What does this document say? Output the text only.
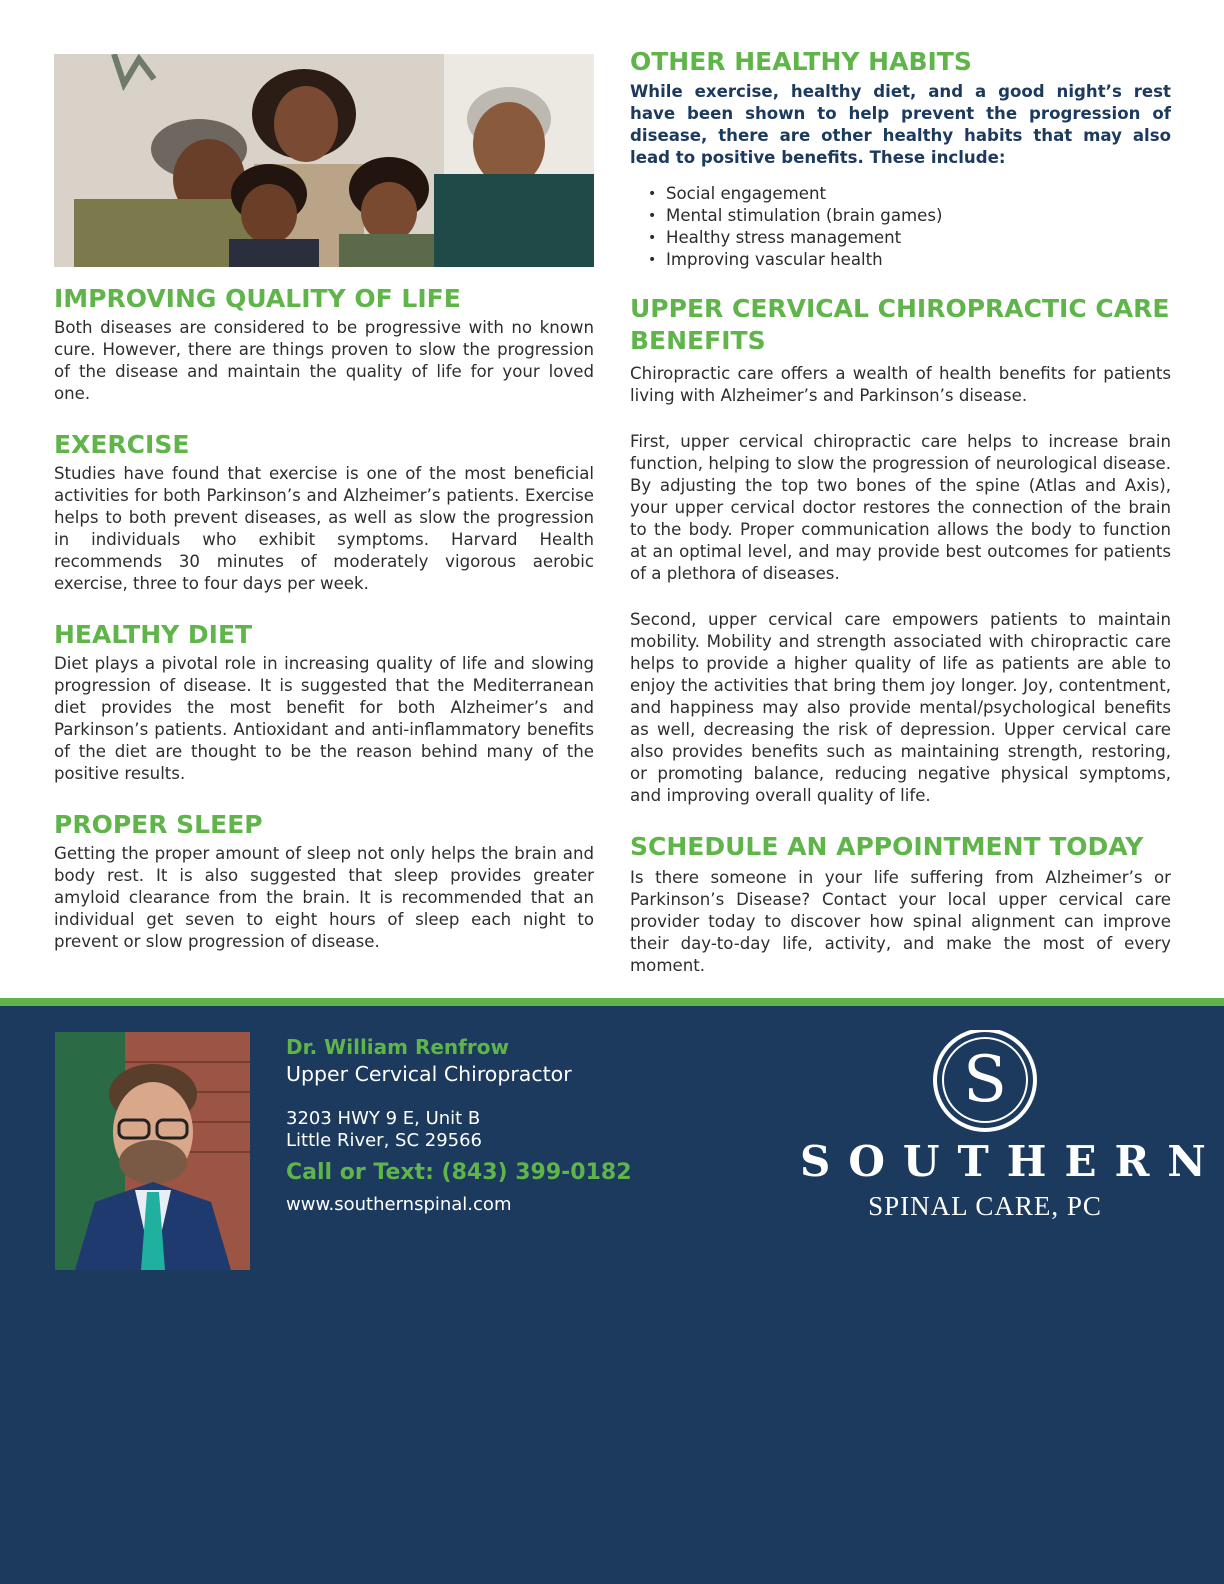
IMPROVING QUALITY OF LIFE

Both diseases are considered to be progressive with no known cure. However, there are things proven to slow the progression of the disease and maintain the quality of life for your loved one.

EXERCISE

Studies have found that exercise is one of the most beneficial activities for both Parkinson’s and Alzheimer’s patients. Exercise helps to both prevent diseases, as well as slow the progression in individuals who exhibit symptoms. Harvard Health recommends 30 minutes of moderately vigorous aerobic exercise, three to four days per week.

HEALTHY DIET

Diet plays a pivotal role in increasing quality of life and slowing progression of disease. It is suggested that the Mediterranean diet provides the most benefit for both Alzheimer’s and Parkinson’s patients. Antioxidant and anti-inflammatory benefits of the diet are thought to be the reason behind many of the positive results.

PROPER SLEEP

Getting the proper amount of sleep not only helps the brain and body rest. It is also suggested that sleep provides greater amyloid clearance from the brain. It is recommended that an individual get seven to eight hours of sleep each night to prevent or slow progression of disease.

OTHER HEALTHY HABITS

While exercise, healthy diet, and a good night’s rest have been shown to help prevent the progression of disease, there are other healthy habits that may also lead to positive benefits. These include:

• Social engagement
• Mental stimulation (brain games)
• Healthy stress management
• Improving vascular health
UPPER CERVICAL CHIROPRACTIC CARE BENEFITS

Chiropractic care offers a wealth of health benefits for patients living with Alzheimer’s and Parkinson’s disease.

First, upper cervical chiropractic care helps to increase brain function, helping to slow the progression of neurological disease. By adjusting the top two bones of the spine (Atlas and Axis), your upper cervical doctor restores the connection of the brain to the body. Proper communication allows the body to function at an optimal level, and may provide best outcomes for patients of a plethora of diseases.

Second, upper cervical care empowers patients to maintain mobility. Mobility and strength associated with chiropractic care helps to provide a higher quality of life as patients are able to enjoy the activities that bring them joy longer. Joy, contentment, and happiness may also provide mental/psychological benefits as well, decreasing the risk of depression. Upper cervical care also provides benefits such as maintaining strength, restoring, or promoting balance, reducing negative physical symptoms, and improving overall quality of life.

SCHEDULE AN APPOINTMENT TODAY

Is there someone in your life suffering from Alzheimer’s or Parkinson’s Disease? Contact your local upper cervical care provider today to discover how spinal alignment can improve their day-to-day life, activity, and make the most of every moment.

Dr. William Renfrow
Upper Cervical Chiropractor
3203 HWY 9 E, Unit B
Little River, SC 29566
Call or Text: (843) 399-0182
www.southernspinal.com
S
SOUTHERN
SPINAL CARE, PC
